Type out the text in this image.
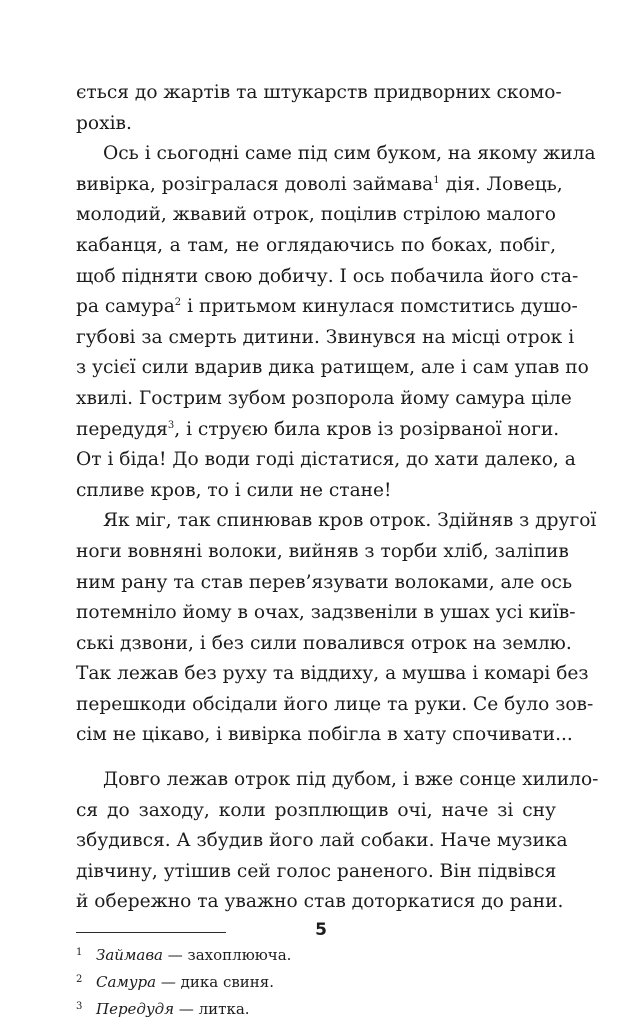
ється до жартів та штукарств придворних скомо-
рохів.

Ось і сьогодні саме під сим буком, на якому жила
вивірка, розігралася доволі займава$^1$ дія. Ловець,
молодий, жвавий отрок, поцілив стрілою малого
кабанця, а там, не оглядаючись по боках, побіг,
щоб підняти свою добичу. І ось побачила його ста-
ра самура$^2$ і притьмом кинулася помститись душо-
губові за смерть дитини. Звинувся на місці отрок і
з усієї сили вдарив дика ратищем, але і сам упав по
хвилі. Гострим зубом розпорола йому самура ціле
передудя$^3$, і струєю била кров із розірваної ноги.
От і біда! До води годі дістатися, до хати далеко, а
спливе кров, то і сили не стане!

Як міг, так спинював кров отрок. Здійняв з другої
ноги вовняні волоки, вийняв з торби хліб, заліпив
ним рану та став перев’язувати волоками, але ось
потемніло йому в очах, задзвеніли в ушах усі київ-
ські дзвони, і без сили повалився отрок на землю.
Так лежав без руху та віддиху, а мушва і комарі без
перешкоди обсідали його лице та руки. Се було зов-
сім не цікаво, і вивірка побігла в хату спочивати...

Довго лежав отрок під дубом, і вже сонце хилило-
ся до заходу, коли розплющив очі, наче зі сну
збудився. А збудив його лай собаки. Наче музика
дівчину, утішив сей голос раненого. Він підвівся
й обережно та уважно став доторкатися до рани.

1 Займава — захоплююча.
2 Самура — дика свиня.
3 Передудя — литка.
5
